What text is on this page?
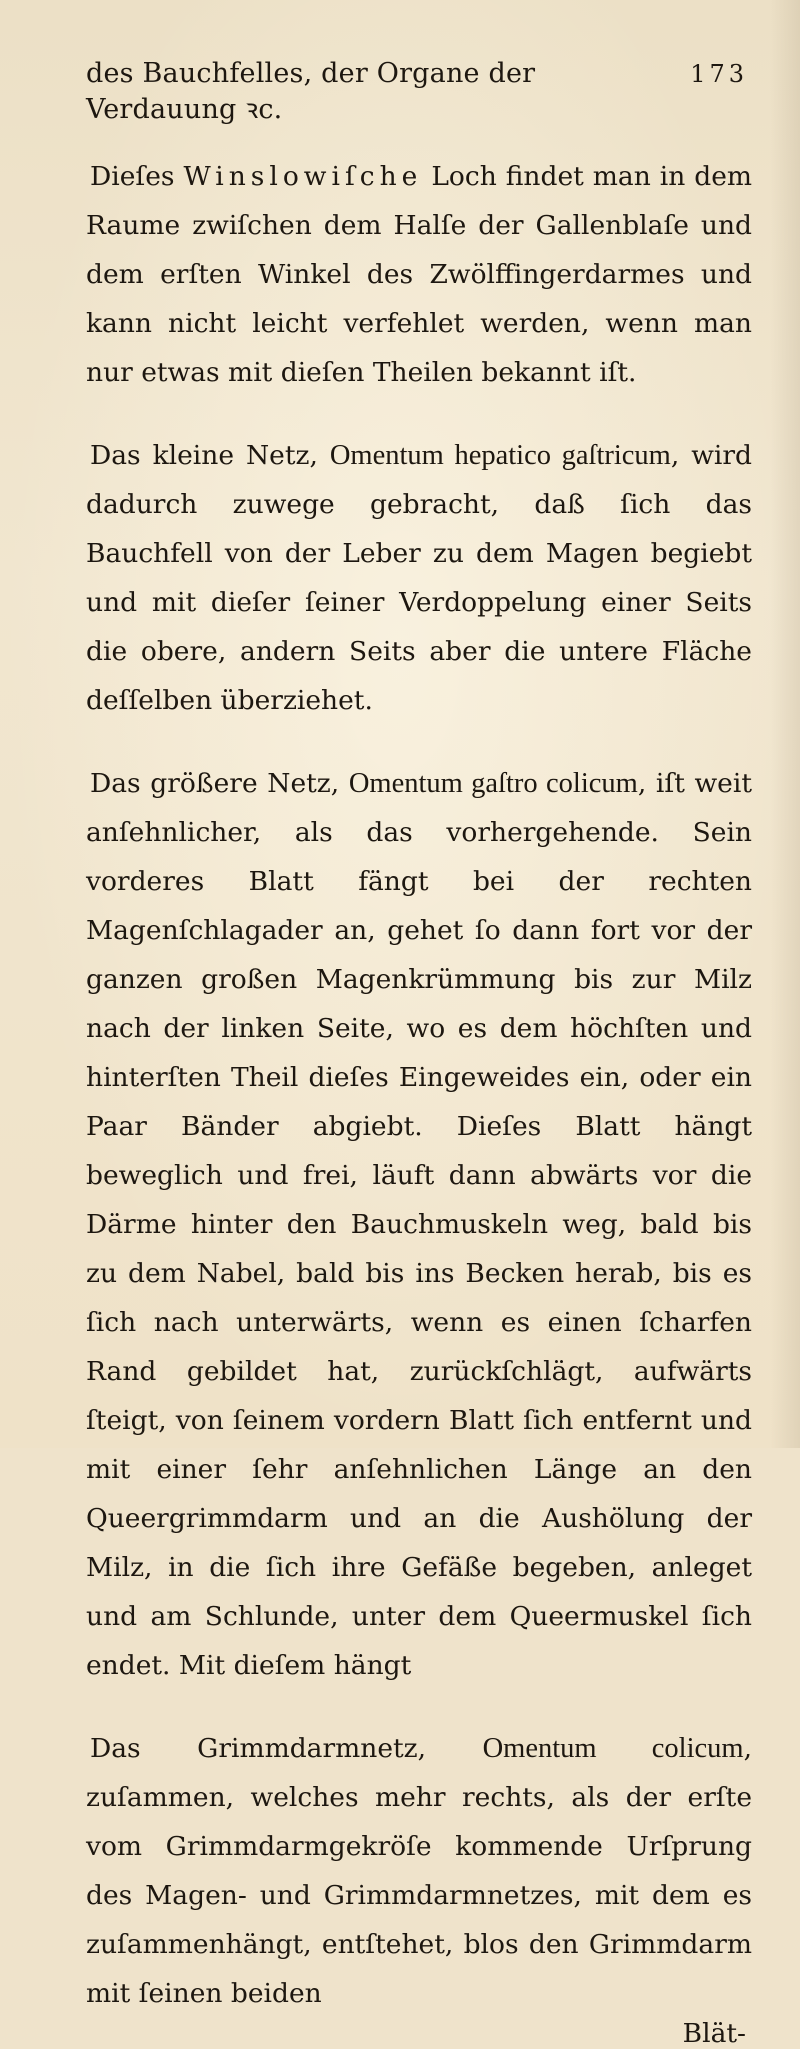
des Bauchfelles, der Organe der Verdauung ꝛc.
173

Dieſes Winslowiſche Loch findet man in dem Raume zwiſchen dem Halſe der Gallenblaſe und dem erſten Winkel des Zwölffingerdarmes und kann nicht leicht verfehlet werden, wenn man nur etwas mit dieſen Theilen bekannt iſt.

Das kleine Netz, Omentum hepatico gaſtricum, wird dadurch zuwege gebracht, daß ſich das Bauchfell von der Leber zu dem Magen begiebt und mit dieſer ſeiner Verdoppelung einer Seits die obere, andern Seits aber die untere Fläche deſſelben überziehet.

Das größere Netz, Omentum gaſtro colicum, iſt weit anſehnlicher, als das vorhergehende. Sein vorderes Blatt fängt bei der rechten Magenſchlagader an, gehet ſo dann fort vor der ganzen großen Magenkrümmung bis zur Milz nach der linken Seite, wo es dem höchſten und hinterſten Theil dieſes Eingeweides ein, oder ein Paar Bänder abgiebt. Dieſes Blatt hängt beweglich und frei, läuft dann abwärts vor die Därme hinter den Bauchmuskeln weg, bald bis zu dem Nabel, bald bis ins Becken herab, bis es ſich nach unterwärts, wenn es einen ſcharfen Rand gebildet hat, zurückſchlägt, aufwärts ſteigt, von ſeinem vordern Blatt ſich entfernt und mit einer ſehr anſehnlichen Länge an den Queergrimmdarm und an die Aushölung der Milz, in die ſich ihre Gefäße begeben, anleget und am Schlunde, unter dem Queermuskel ſich endet. Mit dieſem hängt

Das Grimmdarmnetz, Omentum colicum, zuſammen, welches mehr rechts, als der erſte vom Grimmdarmgekröſe kommende Urſprung des Magen- und Grimmdarmnetzes, mit dem es zuſammenhängt, entſtehet, blos den Grimmdarm mit ſeinen beiden

Blät-
